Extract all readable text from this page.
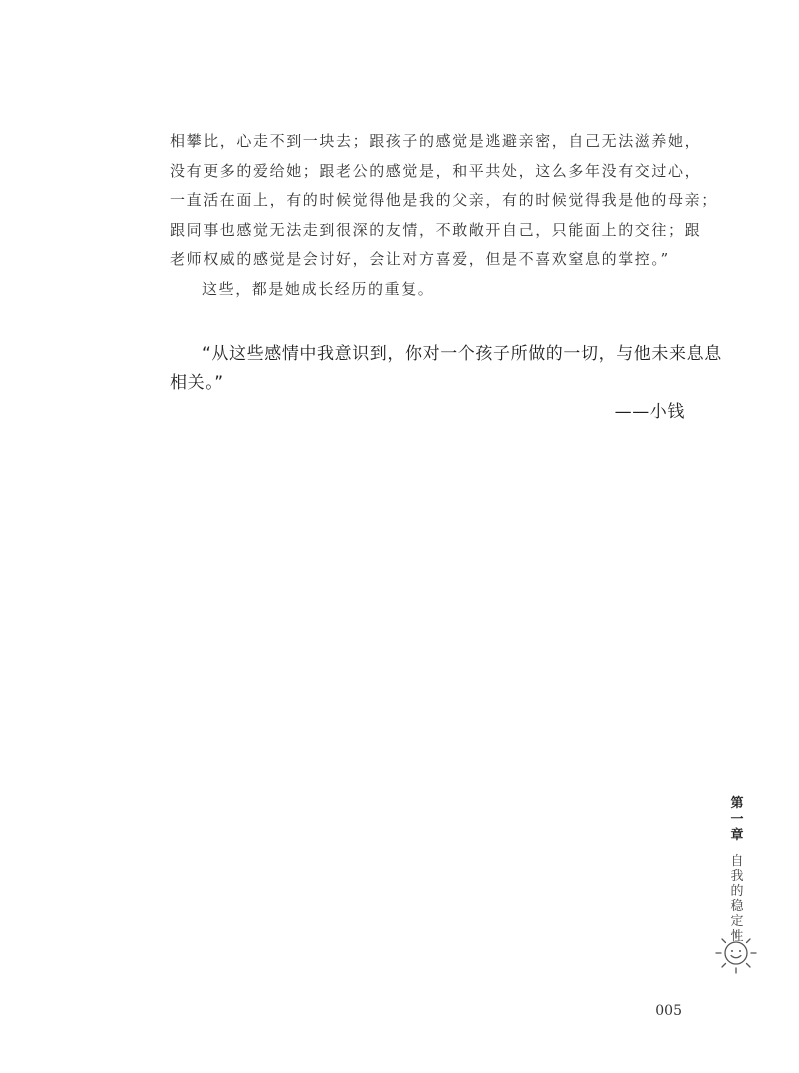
相攀比，心走不到一块去；跟孩子的感觉是逃避亲密，自己无法滋养她，
没有更多的爱给她；跟老公的感觉是，和平共处，这么多年没有交过心，
一直活在面上，有的时候觉得他是我的父亲，有的时候觉得我是他的母亲；
跟同事也感觉无法走到很深的友情，不敢敞开自己，只能面上的交往；跟
老师权威的感觉是会讨好，会让对方喜爱，但是不喜欢窒息的掌控。”
这些，都是她成长经历的重复。
“从这些感情中我意识到，你对一个孩子所做的一切，与他未来息息
相关。”
——小钱
第一章
自我的稳定性
005
